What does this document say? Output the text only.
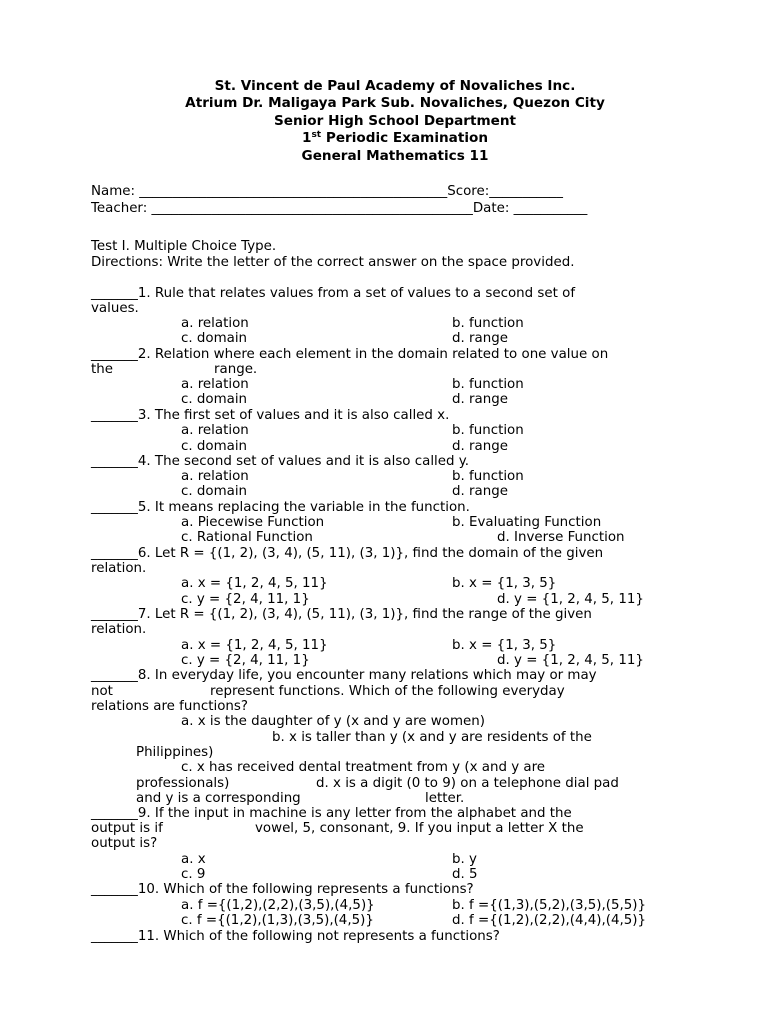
St. Vincent de Paul Academy of Novaliches Inc.
Atrium Dr. Maligaya Park Sub. Novaliches, Quezon City
Senior High School Department
1st Periodic Examination
General Mathematics 11
Name: ______________________________________________Score:___________
Teacher: ________________________________________________Date: ___________
Test I. Multiple Choice Type.
Directions: Write the letter of the correct answer on the space provided.
_______1. Rule that relates values from a set of values to a second set of
values.
a. relation	b. function
c. domain	d. range
_______2. Relation where each element in the domain related to one value on
the	range.
a. relation	b. function
c. domain	d. range
_______3. The first set of values and it is also called x.
a. relation	b. function
c. domain	d. range
_______4. The second set of values and it is also called y.
a. relation	b. function
c. domain	d. range
_______5. It means replacing the variable in the function.
a. Piecewise Function	b. Evaluating Function
c. Rational Function	d. Inverse Function
_______6. Let R = {(1, 2), (3, 4), (5, 11), (3, 1)}, find the domain of the given
relation.
a. x = {1, 2, 4, 5, 11}	b. x = {1, 3, 5}
c. y = {2, 4, 11, 1}	d. y = {1, 2, 4, 5, 11}
_______7. Let R = {(1, 2), (3, 4), (5, 11), (3, 1)}, find the range of the given
relation.
a. x = {1, 2, 4, 5, 11}	b. x = {1, 3, 5}
c. y = {2, 4, 11, 1}	d. y = {1, 2, 4, 5, 11}
_______8. In everyday life, you encounter many relations which may or may
not	represent functions. Which of the following everyday
relations are functions?
a. x is the daughter of y (x and y are women)
b. x is taller than y (x and y are residents of the
Philippines)
c. x has received dental treatment from y (x and y are
professionals)	d. x is a digit (0 to 9) on a telephone dial pad
and y is a corresponding	letter.
_______9. If the input in machine is any letter from the alphabet and the
output is if	vowel, 5, consonant, 9. If you input a letter X the
output is?
a. x	b. y
c. 9	d. 5
_______10. Which of the following represents a functions?
a. f ={(1,2),(2,2),(3,5),(4,5)}	b. f ={(1,3),(5,2),(3,5),(5,5)}
c. f ={(1,2),(1,3),(3,5),(4,5)}	d. f ={(1,2),(2,2),(4,4),(4,5)}
_______11. Which of the following not represents a functions?
